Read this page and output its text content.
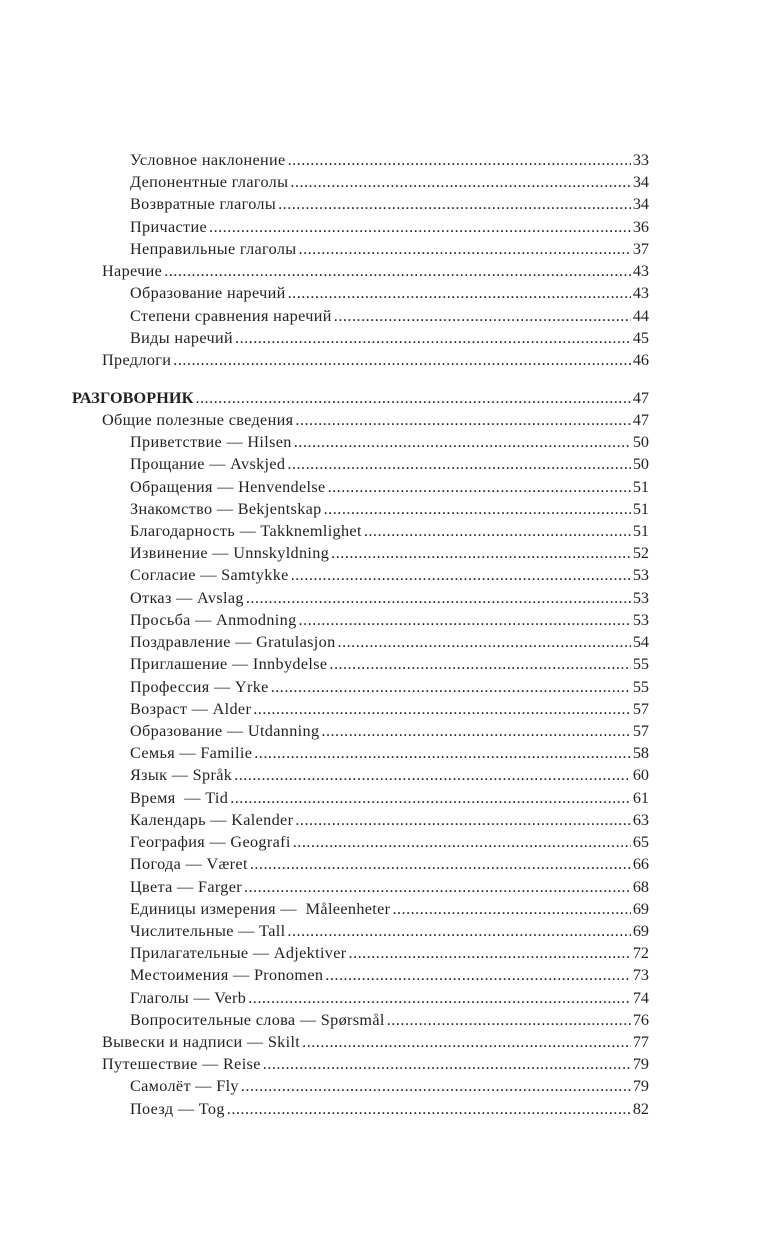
Условное наклонение .....	33
Депонентные глаголы .....	34
Возвратные глаголы .....	34
Причастие .....	36
Неправильные глаголы .....	37
Наречие .....	43
Образование наречий .....	43
Степени сравнения наречий .....	44
Виды наречий .....	45
Предлоги .....	46
РАЗГОВОРНИК .....	47
Общие полезные сведения .....	47
Приветствие — Hilsen .....	50
Прощание — Avskjed .....	50
Обращения — Henvendelse .....	51
Знакомство — Bekjentskap .....	51
Благодарность — Takknemlighet .....	51
Извинение — Unnskyldning .....	52
Согласие — Samtykke .....	53
Отказ — Avslag .....	53
Просьба — Anmodning .....	53
Поздравление — Gratulasjon .....	54
Приглашение — Innbydelse .....	55
Профессия — Yrke .....	55
Возраст — Alder .....	57
Образование — Utdanning .....	57
Семья — Familie .....	58
Язык — Språk .....	60
Время  — Tid .....	61
Календарь — Kalender .....	63
География — Geografi .....	65
Погода — Været .....	66
Цвета — Farger .....	68
Единицы измерения —  Måleenheter .....	69
Числительные — Tall .....	69
Прилагательные — Adjektiver .....	72
Местоимения — Pronomen .....	73
Глаголы — Verb .....	74
Вопросительные слова — Spørsmål .....	76
Вывески и надписи — Skilt .....	77
Путешествие — Reise .....	79
Самолёт — Fly .....	79
Поезд — Tog .....	82
